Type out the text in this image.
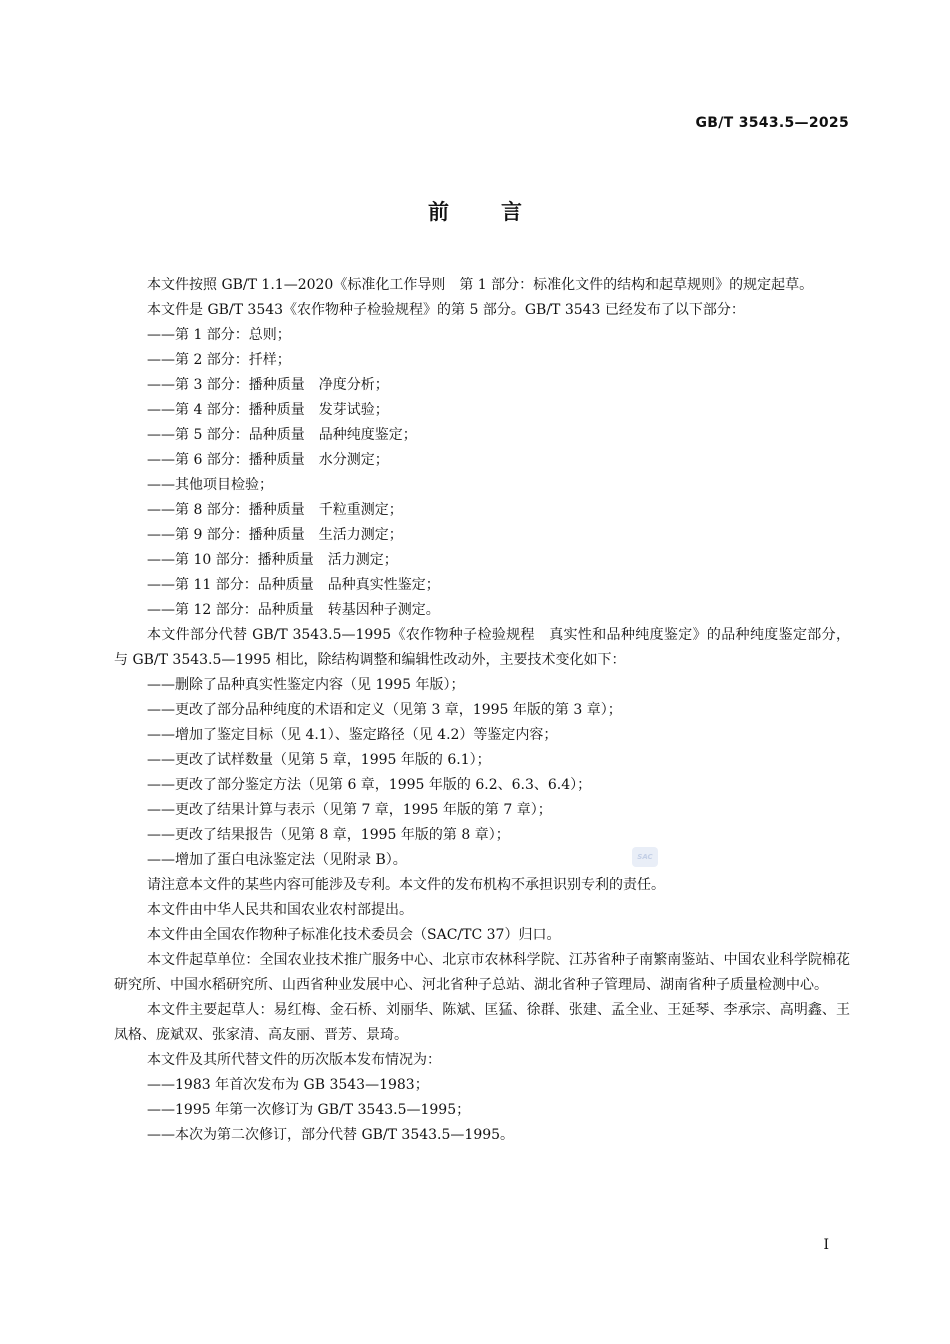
GB/T 3543.5—2025
前言

本文件按照 GB/T 1.1—2020《标准化工作导则　第 1 部分：标准化文件的结构和起草规则》的规定起草。

本文件是 GB/T 3543《农作物种子检验规程》的第 5 部分。GB/T 3543 已经发布了以下部分：

——第 1 部分：总则；

——第 2 部分：扦样；

——第 3 部分：播种质量　净度分析；

——第 4 部分：播种质量　发芽试验；

——第 5 部分：品种质量　品种纯度鉴定；

——第 6 部分：播种质量　水分测定；

——其他项目检验；

——第 8 部分：播种质量　千粒重测定；

——第 9 部分：播种质量　生活力测定；

——第 10 部分：播种质量　活力测定；

——第 11 部分：品种质量　品种真实性鉴定；

——第 12 部分：品种质量　转基因种子测定。

本文件部分代替 GB/T 3543.5—1995《农作物种子检验规程　真实性和品种纯度鉴定》的品种纯度鉴定部分，与 GB/T 3543.5—1995 相比，除结构调整和编辑性改动外，主要技术变化如下：

——删除了品种真实性鉴定内容（见 1995 年版）；

——更改了部分品种纯度的术语和定义（见第 3 章，1995 年版的第 3 章）；

——增加了鉴定目标（见 4.1）、鉴定路径（见 4.2）等鉴定内容；

——更改了试样数量（见第 5 章，1995 年版的 6.1）；

——更改了部分鉴定方法（见第 6 章，1995 年版的 6.2、6.3、6.4）；

——更改了结果计算与表示（见第 7 章，1995 年版的第 7 章）；

——更改了结果报告（见第 8 章，1995 年版的第 8 章）；

——增加了蛋白电泳鉴定法（见附录 B）。

请注意本文件的某些内容可能涉及专利。本文件的发布机构不承担识别专利的责任。

本文件由中华人民共和国农业农村部提出。

本文件由全国农作物种子标准化技术委员会（SAC/TC 37）归口。

本文件起草单位：全国农业技术推广服务中心、北京市农林科学院、江苏省种子南繁南鉴站、中国农业科学院棉花研究所、中国水稻研究所、山西省种业发展中心、河北省种子总站、湖北省种子管理局、湖南省种子质量检测中心。

本文件主要起草人：易红梅、金石桥、刘丽华、陈斌、匡猛、徐群、张建、孟全业、王延琴、李承宗、高明鑫、王凤格、庞斌双、张家清、高友丽、晋芳、景琦。

本文件及其所代替文件的历次版本发布情况为：

——1983 年首次发布为 GB 3543—1983；

——1995 年第一次修订为 GB/T 3543.5—1995；

——本次为第二次修订，部分代替 GB/T 3543.5—1995。

SAC
I
